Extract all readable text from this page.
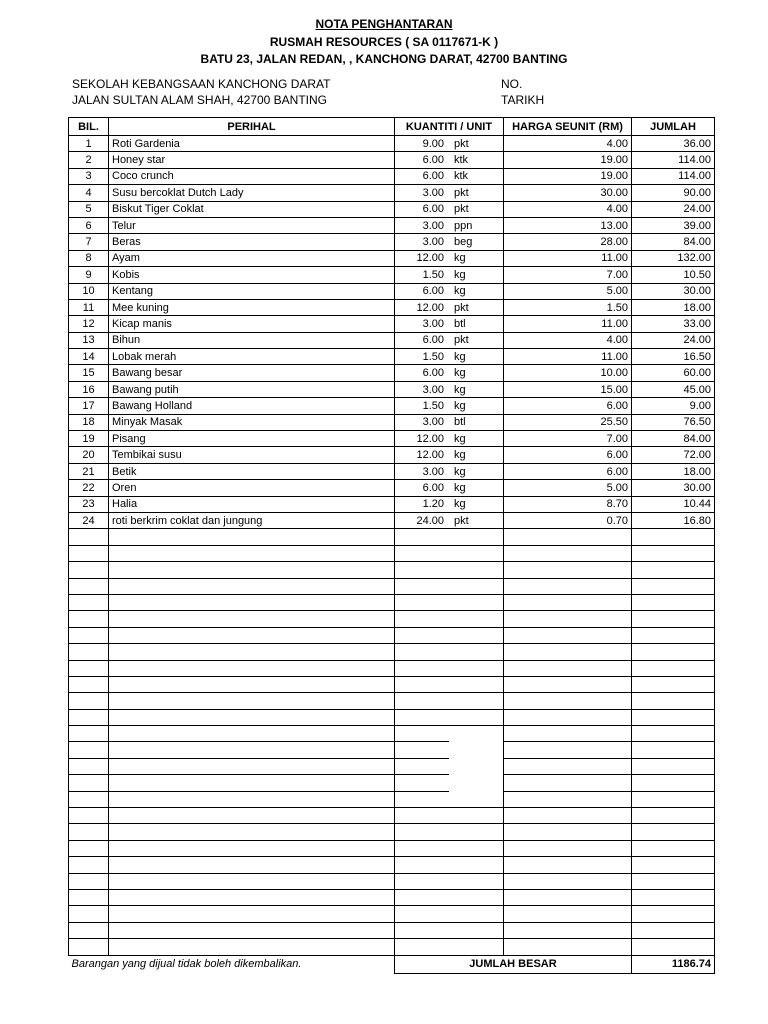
NOTA PENGHANTARAN
RUSMAH RESOURCES ( SA 0117671-K )
BATU 23, JALAN REDAN, , KANCHONG DARAT, 42700 BANTING
SEKOLAH KEBANGSAAN KANCHONG DARAT
JALAN SULTAN ALAM SHAH, 42700 BANTING
NO.
TARIKH
BIL.	PERIHAL	KUANTITI / UNIT		HARGA SEUNIT (RM)	JUMLAH
1	Roti Gardenia	9.00	pkt	4.00	36.00
2	Honey star	6.00	ktk	19.00	114.00
3	Coco crunch	6.00	ktk	19.00	114.00
4	Susu bercoklat Dutch Lady	3.00	pkt	30.00	90.00
5	Biskut Tiger Coklat	6.00	pkt	4.00	24.00
6	Telur	3.00	ppn	13.00	39.00
7	Beras	3.00	beg	28.00	84.00
8	Ayam	12.00	kg	11.00	132.00
9	Kobis	1.50	kg	7.00	10.50
10	Kentang	6.00	kg	5.00	30.00
11	Mee kuning	12.00	pkt	1.50	18.00
12	Kicap manis	3.00	btl	11.00	33.00
13	Bihun	6.00	pkt	4.00	24.00
14	Lobak merah	1.50	kg	11.00	16.50
15	Bawang besar	6.00	kg	10.00	60.00
16	Bawang putih	3.00	kg	15.00	45.00
17	Bawang Holland	1.50	kg	6.00	9.00
18	Minyak Masak	3.00	btl	25.50	76.50
19	Pisang	12.00	kg	7.00	84.00
20	Tembikai susu	12.00	kg	6.00	72.00
21	Betik	3.00	kg	6.00	18.00
22	Oren	6.00	kg	5.00	30.00
23	Halia	1.20	kg	8.70	10.44
24	roti berkrim coklat dan jungung	24.00	pkt	0.70	16.80

Barangan yang dijual tidak boleh dikembalikan.		JUMLAH BESAR			1186.74
